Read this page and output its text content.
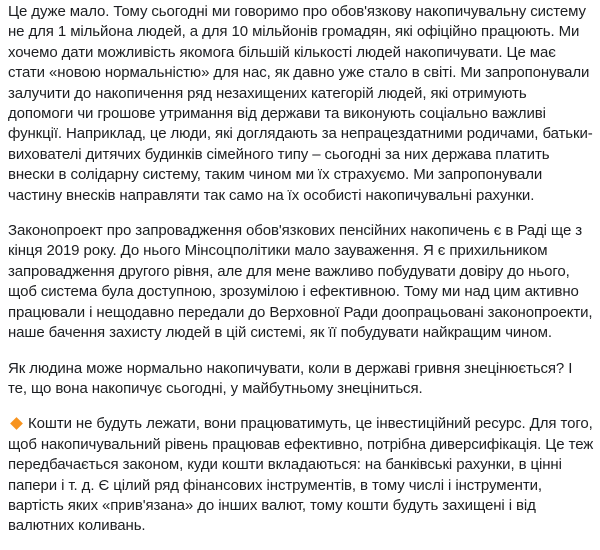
Це дуже мало. Тому сьогодні ми говоримо про обов'язкову накопичувальну систему не для 1 мільйона людей, а для 10 мільйонів громадян, які офіційно працюють. Ми хочемо дати можливість якомога більшій кількості людей накопичувати. Це має стати «новою нормальністю» для нас, як давно уже стало в світі. Ми запропонували залучити до накопичення ряд незахищених категорій людей, які отримують допомоги чи грошове утримання від держави та виконують соціально важливі функції. Наприклад, це люди, які доглядають за непрацездатними родичами, батьки-вихователі дитячих будинків сімейного типу – сьогодні за них держава платить внески в солідарну систему, таким чином ми їх страхуємо. Ми запропонували частину внесків направляти так само на їх особисті накопичувальні рахунки.

Законопроект про запровадження обов'язкових пенсійних накопичень є в Раді ще з кінця 2019 року. До нього Мінсоцполітики мало зауваження. Я є прихильником запровадження другого рівня, але для мене важливо побудувати довіру до нього, щоб система була доступною, зрозумілою і ефективною. Тому ми над цим активно працювали і нещодавно передали до Верховної Ради доопрацьовані законопроекти, наше бачення захисту людей в цій системі, як її побудувати найкращим чином.

Як людина може нормально накопичувати, коли в державі гривня знецінюється? І те, що вона накопичує сьогодні, у майбутньому знеціниться.

Кошти не будуть лежати, вони працюватимуть, це інвестиційний ресурс. Для того, щоб накопичувальний рівень працював ефективно, потрібна диверсифікація. Це теж передбачається законом, куди кошти вкладаються: на банківські рахунки, в цінні папери і т. д. Є цілий ряд фінансових інструментів, в тому числі і інструменти, вартість яких «прив'язана» до інших валют, тому кошти будуть захищені і від валютних коливань.
